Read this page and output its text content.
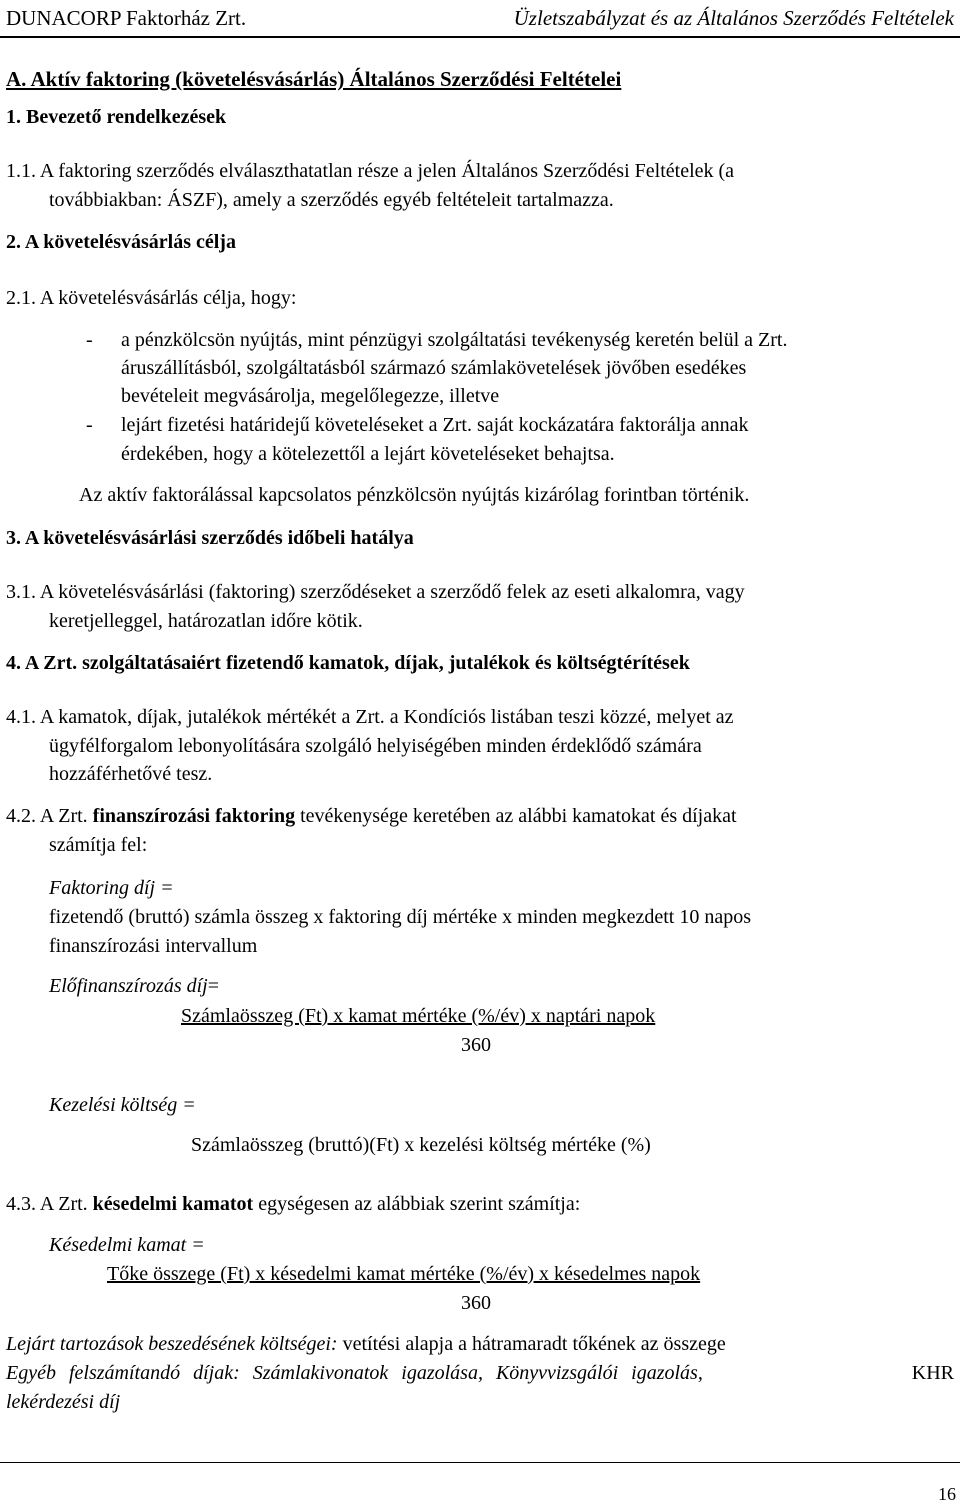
DUNACORP Faktorház Zrt.	Üzletszabályzat és az Általános Szerződés Feltételek
A. Aktív faktoring (követelésvásárlás) Általános Szerződési Feltételei
1. Bevezető rendelkezések
1.1. A faktoring szerződés elválaszthatatlan része a jelen Általános Szerződési Feltételek (a
továbbiakban: ÁSZF), amely a szerződés egyéb feltételeit tartalmazza.
2. A követelésvásárlás célja
2.1. A követelésvásárlás célja, hogy:
- a pénzkölcsön nyújtás, mint pénzügyi szolgáltatási tevékenység keretén belül a Zrt.
áruszállításból, szolgáltatásból származó számlakövetelések jövőben esedékes
bevételeit megvásárolja, megelőlegezze, illetve
- lejárt fizetési határidejű követeléseket a Zrt. saját kockázatára faktorálja annak
érdekében, hogy a kötelezettől a lejárt követeléseket behajtsa.
Az aktív faktorálással kapcsolatos pénzkölcsön nyújtás kizárólag forintban történik.
3. A követelésvásárlási szerződés időbeli hatálya
3.1. A követelésvásárlási (faktoring) szerződéseket a szerződő felek az eseti alkalomra, vagy
keretjelleggel, határozatlan időre kötik.
4. A Zrt. szolgáltatásaiért fizetendő kamatok, díjak, jutalékok és költségtérítések
4.1. A kamatok, díjak, jutalékok mértékét a Zrt. a Kondíciós listában teszi közzé, melyet az
ügyfélforgalom lebonyolítására szolgáló helyiségében minden érdeklődő számára
hozzáférhetővé tesz.
4.2. A Zrt. finanszírozási faktoring tevékenysége keretében az alábbi kamatokat és díjakat
számítja fel:
Faktoring díj =
fizetendő (bruttó) számla összeg x faktoring díj mértéke x minden megkezdett 10 napos
finanszírozási intervallum
Előfinanszírozás díj=
Számlaösszeg (Ft) x kamat mértéke (%/év) x naptári napok
360
Kezelési költség =
Számlaösszeg (bruttó)(Ft) x kezelési költség mértéke (%)
4.3. A Zrt. késedelmi kamatot egységesen az alábbiak szerint számítja:
Késedelmi kamat =
Tőke összege (Ft) x késedelmi kamat mértéke (%/év) x késedelmes napok
360
Lejárt tartozások beszedésének költségei: vetítési alapja a hátramaradt tőkének az összege
Egyéb felszámítandó díjak: Számlakivonatok igazolása, Könyvvizsgálói igazolás,	KHR
lekérdezési díj
16
